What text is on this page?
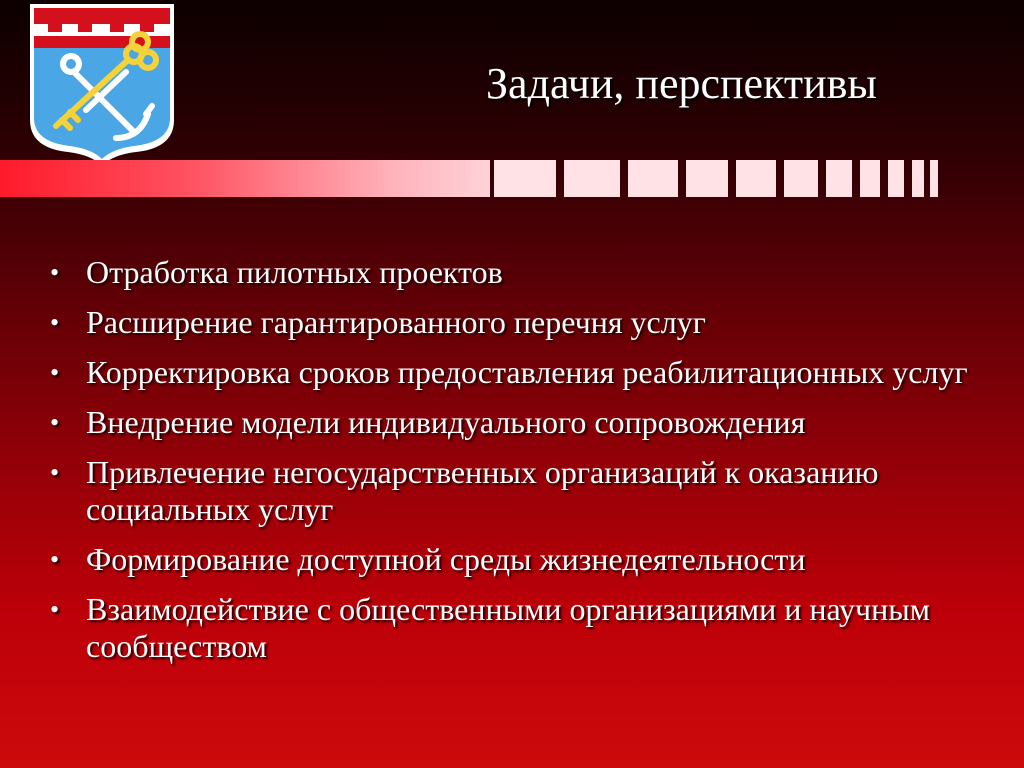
Задачи, перспективы
• Отработка пилотных проектов
• Расширение гарантированного перечня услуг
• Корректировка сроков предоставления реабилитационных услуг
• Внедрение модели индивидуального сопровождения
• Привлечение негосударственных организаций к оказанию социальных услуг
• Формирование доступной среды жизнедеятельности
• Взаимодействие с общественными организациями и научным сообществом
